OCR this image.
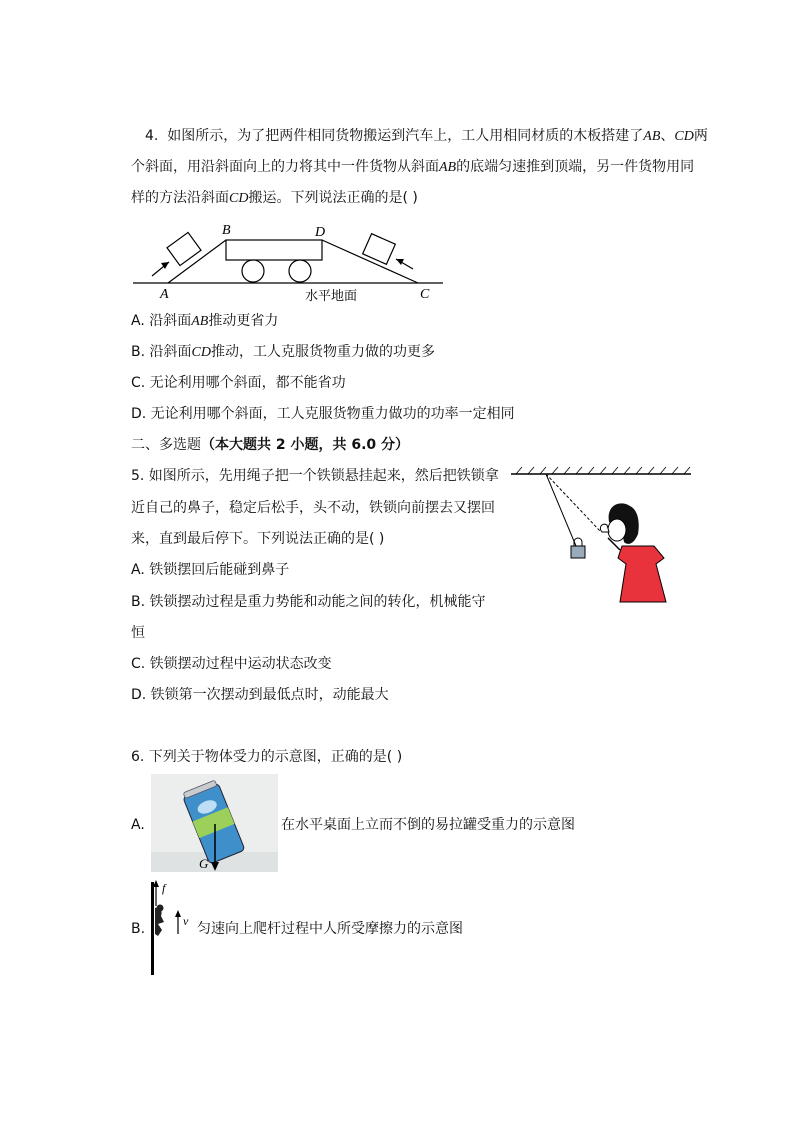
4. 如图所示，为了把两件相同货物搬运到汽车上，工人用相同材质的木板搭建了AB、CD两
个斜面，用沿斜面向上的力将其中一件货物从斜面AB的底端匀速推到顶端，另一件货物用同
样的方法沿斜面CD搬运。下列说法正确的是( )
A
B	D
C
水平地面
A. 沿斜面AB推动更省力
B. 沿斜面CD推动，工人克服货物重力做的功更多
C. 无论利用哪个斜面，都不能省功
D. 无论利用哪个斜面，工人克服货物重力做功的功率一定相同
二、多选题（本大题共 2 小题，共 6.0 分）
5. 如图所示，先用绳子把一个铁锁悬挂起来，然后把铁锁拿
近自己的鼻子，稳定后松手，头不动，铁锁向前摆去又摆回
来，直到最后停下。下列说法正确的是( )
A. 铁锁摆回后能碰到鼻子
B. 铁锁摆动过程是重力势能和动能之间的转化，机械能守
恒
C. 铁锁摆动过程中运动状态改变
D. 铁锁第一次摆动到最低点时，动能最大
6. 下列关于物体受力的示意图，正确的是( )
A.
G
在水平桌面上立而不倒的易拉罐受重力的示意图
B.
f
v 匀速向上爬杆过程中人所受摩擦力的示意图
